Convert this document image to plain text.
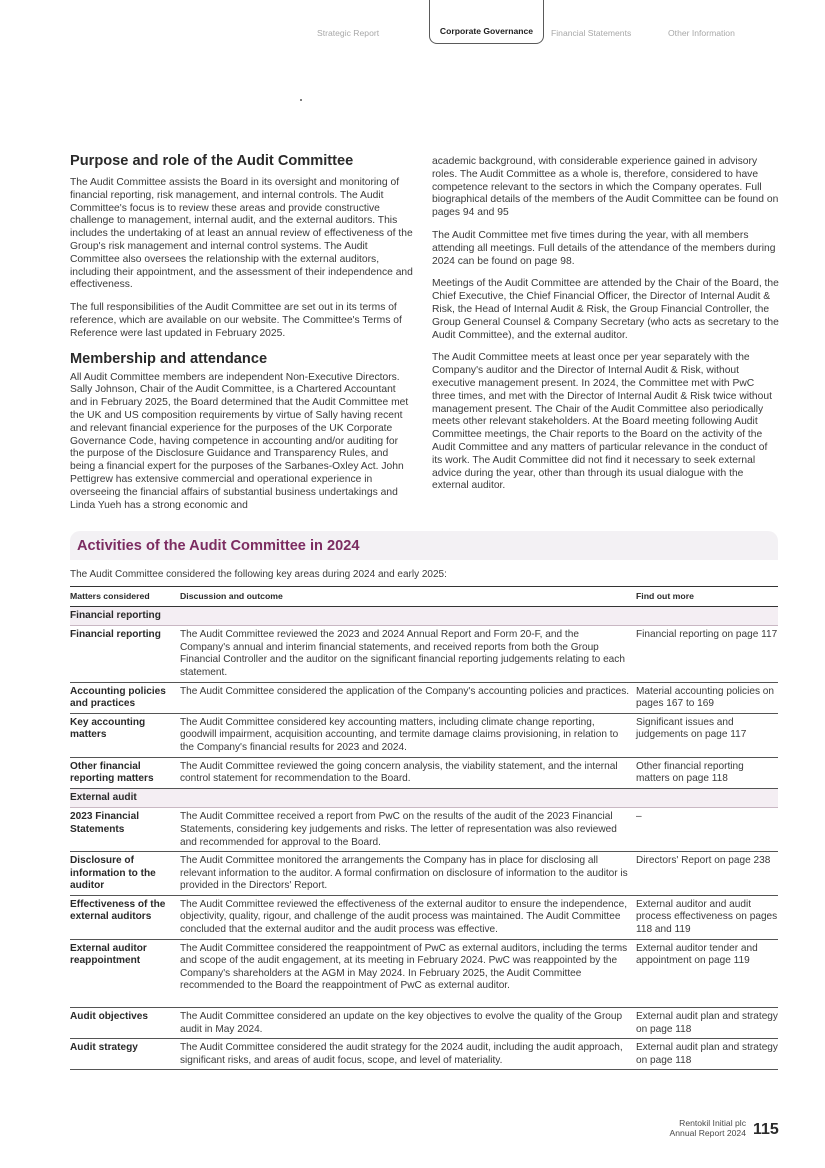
Strategic Report	Corporate Governance Financial Statements	Other Information
Purpose and role of the Audit Committee

The Audit Committee assists the Board in its oversight and monitoring of financial reporting, risk management, and internal controls. The Audit Committee's focus is to review these areas and provide constructive challenge to management, internal audit, and the external auditors. This includes the undertaking of at least an annual review of effectiveness of the Group's risk management and internal control systems. The Audit Committee also oversees the relationship with the external auditors, including their appointment, and the assessment of their independence and effectiveness.

The full responsibilities of the Audit Committee are set out in its terms of reference, which are available on our website. The Committee's Terms of Reference were last updated in February 2025.

Membership and attendance

All Audit Committee members are independent Non-Executive Directors. Sally Johnson, Chair of the Audit Committee, is a Chartered Accountant and in February 2025, the Board determined that the Audit Committee met the UK and US composition requirements by virtue of Sally having recent and relevant financial experience for the purposes of the UK Corporate Governance Code, having competence in accounting and/or auditing for the purpose of the Disclosure Guidance and Transparency Rules, and being a financial expert for the purposes of the Sarbanes-Oxley Act. John Pettigrew has extensive commercial and operational experience in overseeing the financial affairs of substantial business undertakings and Linda Yueh has a strong economic and

academic background, with considerable experience gained in advisory roles. The Audit Committee as a whole is, therefore, considered to have competence relevant to the sectors in which the Company operates. Full biographical details of the members of the Audit Committee can be found on pages 94 and 95

The Audit Committee met five times during the year, with all members attending all meetings. Full details of the attendance of the members during 2024 can be found on page 98.

Meetings of the Audit Committee are attended by the Chair of the Board, the Chief Executive, the Chief Financial Officer, the Director of Internal Audit & Risk, the Head of Internal Audit & Risk, the Group Financial Controller, the Group General Counsel & Company Secretary (who acts as secretary to the Audit Committee), and the external auditor.

The Audit Committee meets at least once per year separately with the Company's auditor and the Director of Internal Audit & Risk, without executive management present. In 2024, the Committee met with PwC three times, and met with the Director of Internal Audit & Risk twice without management present. The Chair of the Audit Committee also periodically meets other relevant stakeholders. At the Board meeting following Audit Committee meetings, the Chair reports to the Board on the activity of the Audit Committee and any matters of particular relevance in the conduct of its work. The Audit Committee did not find it necessary to seek external advice during the year, other than through its usual dialogue with the external auditor.

Activities of the Audit Committee in 2024
The Audit Committee considered the following key areas during 2024 and early 2025:
Matters considered	Discussion and outcome	Find out more
Financial reporting		
Financial reporting	The Audit Committee reviewed the 2023 and 2024 Annual Report and Form 20-F, and the Company's annual and interim financial statements, and received reports from both the Group Financial Controller and the auditor on the significant financial reporting judgements relating to each statement.	Financial reporting on page 117
Accounting policies and practices	The Audit Committee considered the application of the Company's accounting policies and practices.	Material accounting policies on pages 167 to 169
Key accounting matters	The Audit Committee considered key accounting matters, including climate change reporting, goodwill impairment, acquisition accounting, and termite damage claims provisioning, in relation to the Company's financial results for 2023 and 2024.	Significant issues and judgements on page 117
Other financial reporting matters	The Audit Committee reviewed the going concern analysis, the viability statement, and the internal control statement for recommendation to the Board.	Other financial reporting matters on page 118
External audit		
2023 Financial Statements	The Audit Committee received a report from PwC on the results of the audit of the 2023 Financial Statements, considering key judgements and risks. The letter of representation was also reviewed and recommended for approval to the Board.	–
Disclosure of information to the auditor	The Audit Committee monitored the arrangements the Company has in place for disclosing all relevant information to the auditor. A formal confirmation on disclosure of information to the auditor is provided in the Directors' Report.	Directors' Report on page 238
Effectiveness of the external auditors	The Audit Committee reviewed the effectiveness of the external auditor to ensure the independence, objectivity, quality, rigour, and challenge of the audit process was maintained. The Audit Committee concluded that the external auditor and the audit process was effective.	External auditor and audit process effectiveness on pages 118 and 119
External auditor reappointment	The Audit Committee considered the reappointment of PwC as external auditors, including the terms and scope of the audit engagement, at its meeting in February 2024. PwC was reappointed by the Company's shareholders at the AGM in May 2024. In February 2025, the Audit Committee recommended to the Board the reappointment of PwC as external auditor.	External auditor tender and appointment on page 119
Audit objectives	The Audit Committee considered an update on the key objectives to evolve the quality of the Group audit in May 2024.	External audit plan and strategy on page 118
Audit strategy	The Audit Committee considered the audit strategy for the 2024 audit, including the audit approach, significant risks, and areas of audit focus, scope, and level of materiality.	External audit plan and strategy on page 118
Rentokil Initial plc
Annual Report 2024 115
